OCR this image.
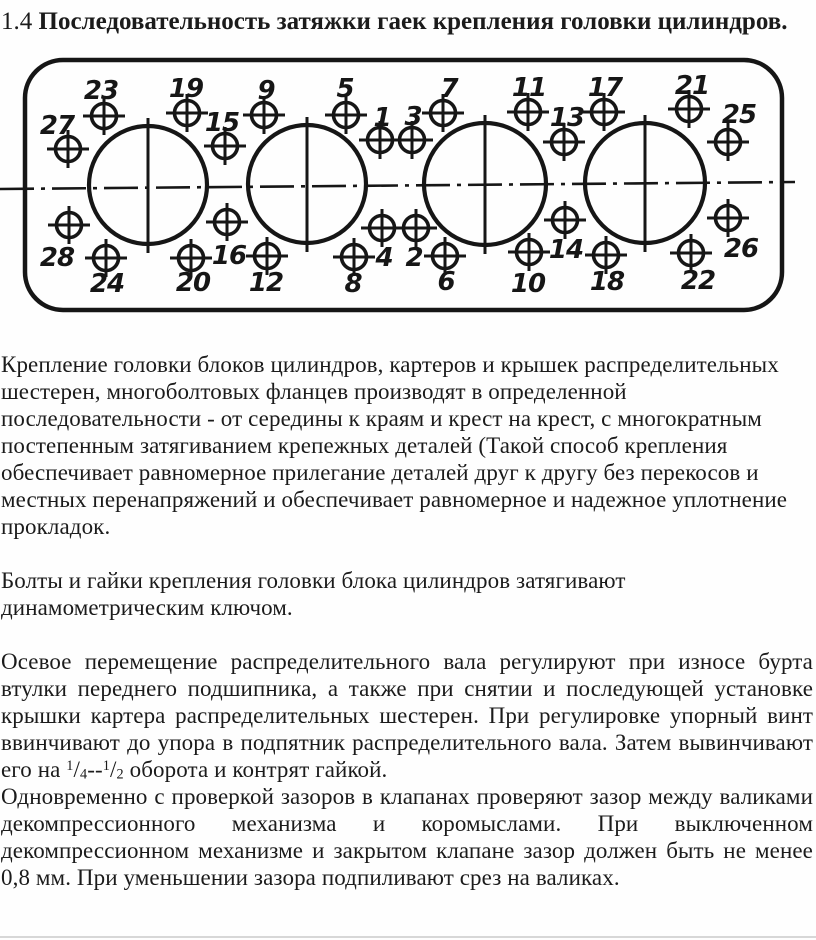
1.4 Последовательность затяжки гаек крепления головки цилиндров.
1
2
3
4
5
6
7
8
9
10
11
12
13
14
15
16
17
18
19
20
21
22
23
24
25
26
27
28
Крепление головки блоков цилиндров, картеров и крышек распределительных
шестерен, многоболтовых фланцев производят в определенной
последовательности - от середины к краям и крест на крест, с многократным
постепенным затягиванием крепежных деталей (Такой способ крепления
обеспечивает равномерное прилегание деталей друг к другу без перекосов и
местных перенапряжений и обеспечивает равномерное и надежное уплотнение
прокладок.
Болты и гайки крепления головки блока цилиндров затягивают
динамометрическим ключом.
Осевое перемещение распределительного вала регулируют при износе бурта
втулки переднего подшипника, а также при снятии и последующей установке
крышки картера распределительных шестерен. При регулировке упорный винт
ввинчивают до упора в подпятник распределительного вала. Затем вывинчивают
его на $^1/_4--^1/_2$ оборота и контрят гайкой.
Одновременно с проверкой зазоров в клапанах проверяют зазор между валиками
декомпрессионного механизма и коромыслами. При выключенном
декомпрессионном механизме и закрытом клапане зазор должен быть не менее
0,8 мм. При уменьшении зазора подпиливают срез на валиках.
